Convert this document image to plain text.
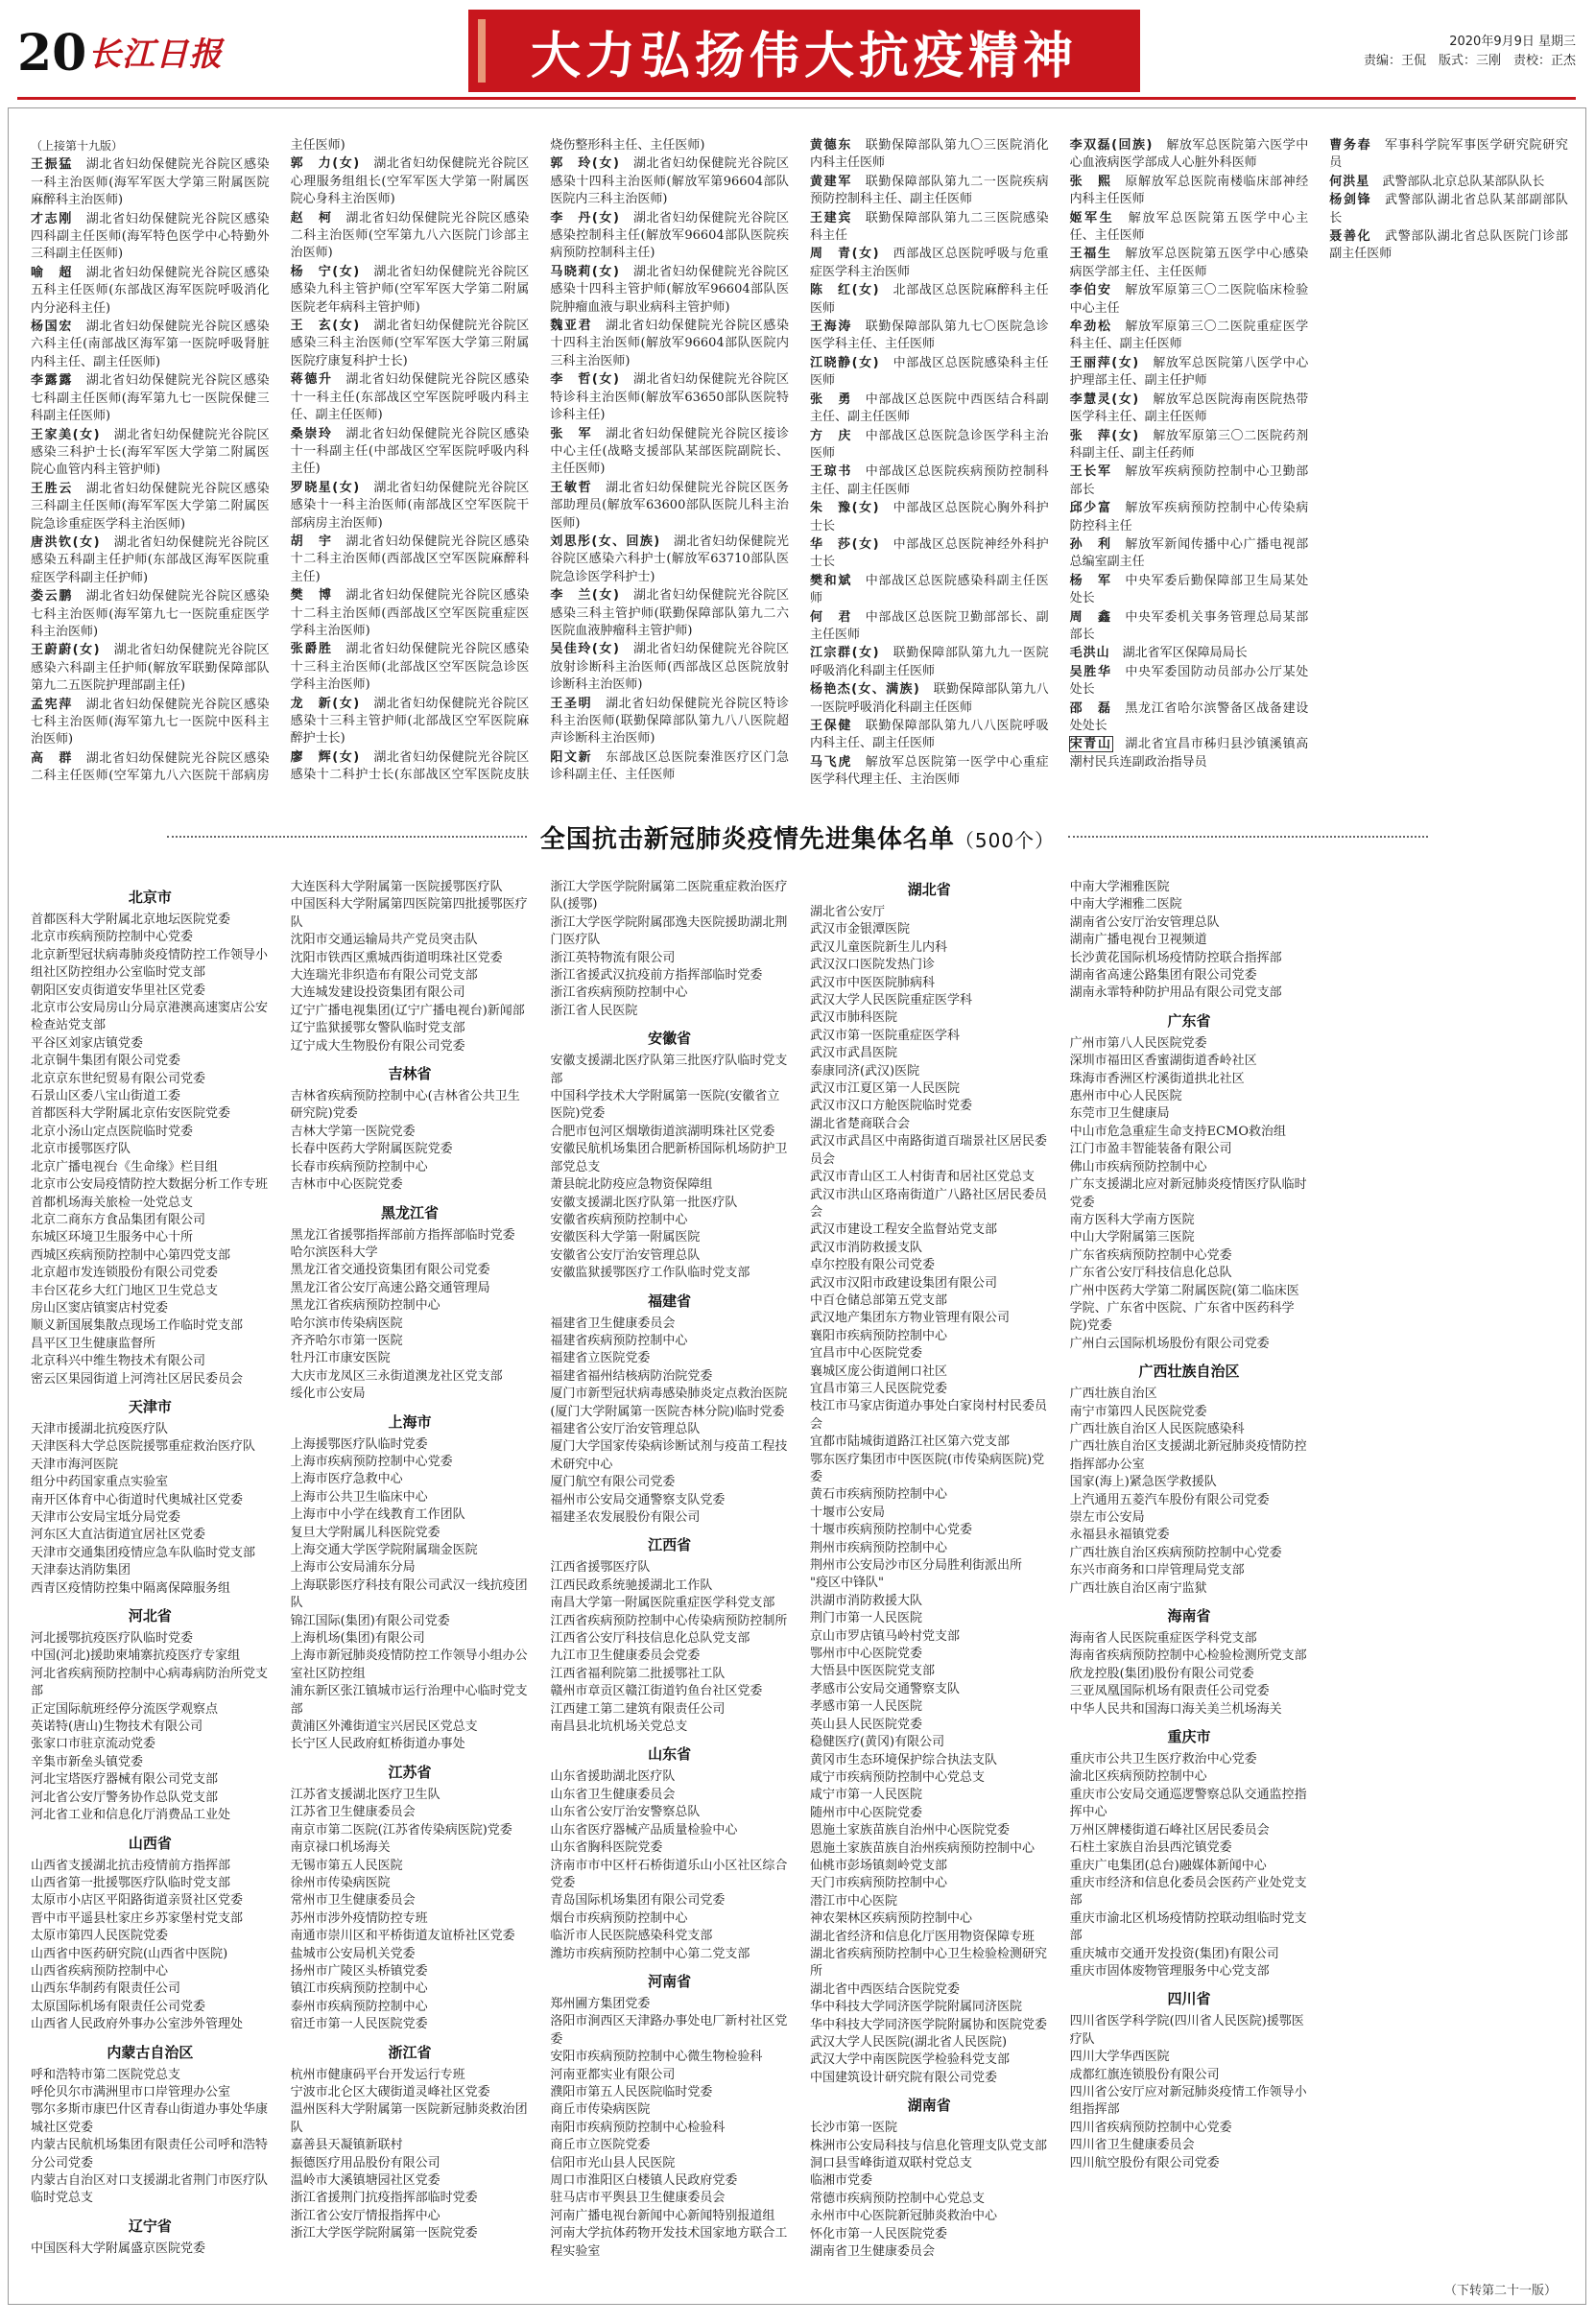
20 长江日报	大力弘扬伟大抗疫精神	2020年9月9日 星期三
责编：王侃　版式：三刚　责校：正杰
（上接第十九版）
王振猛　 湖北省妇幼保健院光谷院区感染一科主治医师(海军军医大学第三附属医院麻醉科主治医师)
才志刚　 湖北省妇幼保健院光谷院区感染四科副主任医师(海军特色医学中心特勤外三科副主任医师)
喻　超　 湖北省妇幼保健院光谷院区感染五科主任医师(东部战区海军医院呼吸消化内分泌科主任)
杨国宏　 湖北省妇幼保健院光谷院区感染六科主任(南部战区海军第一医院呼吸肾脏内科主任、副主任医师)
李露露　 湖北省妇幼保健院光谷院区感染七科副主任医师(海军第九七一医院保健三科副主任医师)
王家美(女)　 湖北省妇幼保健院光谷院区感染三科护士长(海军军医大学第二附属医院心血管内科主管护师)
王胜云　 湖北省妇幼保健院光谷院区感染三科副主任医师(海军军医大学第二附属医院急诊重症医学科主治医师)
唐洪钦(女)　 湖北省妇幼保健院光谷院区感染五科副主任护师(东部战区海军医院重症医学科副主任护师)
娄云鹏　 湖北省妇幼保健院光谷院区感染七科主治医师(海军第九七一医院重症医学科主治医师)
王蔚蔚(女)　 湖北省妇幼保健院光谷院区感染六科副主任护师(解放军联勤保障部队第九二五医院护理部副主任)
孟宪萍　 湖北省妇幼保健院光谷院区感染七科主治医师(海军第九七一医院中医科主治医师)
高　群　 湖北省妇幼保健院光谷院区感染二科主任医师(空军第九八六医院干部病房主任医师)
郭　力(女)　 湖北省妇幼保健院光谷院区心理服务组组长(空军军医大学第一附属医院心身科主治医师)
赵　柯　 湖北省妇幼保健院光谷院区感染二科主治医师(空军第九八六医院门诊部主治医师)
杨　宁(女)　 湖北省妇幼保健院光谷院区感染九科主管护师(空军军医大学第二附属医院老年病科主管护师)
王　玄(女)　 湖北省妇幼保健院光谷院区感染三科主治医师(空军军医大学第三附属医院疗康复科护士长)
蒋德升　 湖北省妇幼保健院光谷院区感染十一科主任(东部战区空军医院呼吸内科主任、副主任医师)
桑崇玲　 湖北省妇幼保健院光谷院区感染十一科副主任(中部战区空军医院呼吸内科主任)
罗晓星(女)　 湖北省妇幼保健院光谷院区感染十一科主治医师(南部战区空军医院干部病房主治医师)
胡　宇　 湖北省妇幼保健院光谷院区感染十二科主治医师(西部战区空军医院麻醉科主任)
樊　博　 湖北省妇幼保健院光谷院区感染十二科主治医师(西部战区空军医院重症医学科主治医师)
张爵胜　 湖北省妇幼保健院光谷院区感染十三科主治医师(北部战区空军医院急诊医学科主治医师)
龙　新(女)　 湖北省妇幼保健院光谷院区感染十三科主管护师(北部战区空军医院麻醉护士长)
廖　辉(女)　 湖北省妇幼保健院光谷院区感染十二科护士长(东部战区空军医院皮肤烧伤整形科主任、主任医师)
郭　玲(女)　 湖北省妇幼保健院光谷院区感染十四科主治医师(解放军第96604部队医院内三科主治医师)
李　丹(女)　 湖北省妇幼保健院光谷院区感染控制科主任(解放军96604部队医院疾病预防控制科主任)
马晓莉(女)　 湖北省妇幼保健院光谷院区感染十四科主管护师(解放军96604部队医院肿瘤血液与职业病科主管护师)
魏亚君　 湖北省妇幼保健院光谷院区感染十四科主治医师(解放军96604部队医院内三科主治医师)
李　哲(女)　 湖北省妇幼保健院光谷院区特诊科主治医师(解放军63650部队医院特诊科主任)
张　军　 湖北省妇幼保健院光谷院区接诊中心主任(战略支援部队某部医院副院长、主任医师)
王敏哲　 湖北省妇幼保健院光谷院区医务部助理员(解放军63600部队医院儿科主治医师)
刘思彤(女、回族)　 湖北省妇幼保健院光谷院区感染六科护士(解放军63710部队医院急诊医学科护士)
李　兰(女)　 湖北省妇幼保健院光谷院区感染三科主管护师(联勤保障部队第九二六医院血液肿瘤科主管护师)
吴佳玲(女)　 湖北省妇幼保健院光谷院区放射诊断科主治医师(西部战区总医院放射诊断科主治医师)
王圣明　 湖北省妇幼保健院光谷院区特诊科主治医师(联勤保障部队第九八八医院超声诊断科主治医师)
阳文新　 东部战区总医院秦淮医疗区门急诊科副主任、主任医师
黄德东　 联勤保障部队第九〇三医院消化内科主任医师
黄建军　 联勤保障部队第九二一医院疾病预防控制科主任、副主任医师
王建宾　 联勤保障部队第九二三医院感染科主任
周　青(女)　 西部战区总医院呼吸与危重症医学科主治医师
陈　红(女)　 北部战区总医院麻醉科主任医师
王海涛　 联勤保障部队第九七〇医院急诊医学科主任、主任医师
江晓静(女)　 中部战区总医院感染科主任医师
张　勇　 中部战区总医院中西医结合科副主任、副主任医师
方　庆　 中部战区总医院急诊医学科主治医师
王琼书　 中部战区总医院疾病预防控制科主任、副主任医师
朱　豫(女)　 中部战区总医院心胸外科护士长
华　莎(女)　 中部战区总医院神经外科护士长
樊和斌　 中部战区总医院感染科副主任医师
何　君　 中部战区总医院卫勤部部长、副主任医师
江宗群(女)　 联勤保障部队第九九一医院呼吸消化科副主任医师
杨艳杰(女、满族)　 联勤保障部队第九八一医院呼吸消化科副主任医师
王保健　 联勤保障部队第九八八医院呼吸内科主任、副主任医师
马飞虎　 解放军总医院第一医学中心重症医学科代理主任、主治医师
李双磊(回族)　 解放军总医院第六医学中心血液病医学部成人心脏外科医师
张　熙　 原解放军总医院南楼临床部神经内科主任医师
姬军生　 解放军总医院第五医学中心主任、主任医师
王福生　 解放军总医院第五医学中心感染病医学部主任、主任医师
李伯安　 解放军原第三〇二医院临床检验中心主任
牟劲松　 解放军原第三〇二医院重症医学科主任、副主任医师
王丽萍(女)　 解放军总医院第八医学中心护理部主任、副主任护师
李慧灵(女)　 解放军总医院海南医院热带医学科主任、副主任医师
张　萍(女)　 解放军原第三〇二医院药剂科副主任、副主任药师
王长军　 解放军疾病预防控制中心卫勤部部长
邱少富　 解放军疾病预防控制中心传染病防控科主任
孙　利　 解放军新闻传播中心广播电视部总编室副主任
杨　军　 中央军委后勤保障部卫生局某处处长
周　鑫　 中央军委机关事务管理总局某部部长
毛洪山　 湖北省军区保障局局长
吴胜华　 中央军委国防动员部办公厅某处处长
邵　磊　 黑龙江省哈尔滨警备区战备建设处处长
宋青山　 湖北省宜昌市秭归县沙镇溪镇高潮村民兵连副政治指导员
曹务春　 军事科学院军事医学研究院研究员
何洪星　 武警部队北京总队某部队队长
杨剑锋　 武警部队湖北省总队某部副部队长
聂善化　 武警部队湖北省总队医院门诊部副主任医师
全国抗击新冠肺炎疫情先进集体名单（500个）
北京市
首都医科大学附属北京地坛医院党委
北京市疾病预防控制中心党委
北京新型冠状病毒肺炎疫情防控工作领导小组社区防控组办公室临时党支部
朝阳区安贞街道安华里社区党委
北京市公安局房山分局京港澳高速窦店公安检查站党支部
平谷区刘家店镇党委
北京铜牛集团有限公司党委
北京京东世纪贸易有限公司党委
石景山区委八宝山街道工委
首都医科大学附属北京佑安医院党委
北京小汤山定点医院临时党委
北京市援鄂医疗队
北京广播电视台《生命缘》栏目组
北京市公安局疫情防控大数据分析工作专班
首都机场海关旅检一处党总支
北京二商东方食品集团有限公司
东城区环境卫生服务中心十所
西城区疾病预防控制中心第四党支部
北京超市发连锁股份有限公司党委
丰台区花乡大红门地区卫生党总支
房山区窦店镇窦店村党委
顺义新国展集散点现场工作临时党支部
昌平区卫生健康监督所
北京科兴中维生物技术有限公司
密云区果园街道上河湾社区居民委员会
天津市
天津市援湖北抗疫医疗队
天津医科大学总医院援鄂重症救治医疗队
天津市海河医院
组分中药国家重点实验室
南开区体育中心街道时代奥城社区党委
天津市公安局宝坻分局党委
河东区大直沽街道宜居社区党委
天津市交通集团疫情应急车队临时党支部
天津泰达消防集团
西青区疫情防控集中隔离保障服务组
河北省
河北援鄂抗疫医疗队临时党委
中国(河北)援助柬埔寨抗疫医疗专家组
河北省疾病预防控制中心病毒病防治所党支部
正定国际航班经停分流医学观察点
英诺特(唐山)生物技术有限公司
张家口市驻京流动党委
辛集市新垒头镇党委
河北宝塔医疗器械有限公司党支部
河北省公安厅警务协作总队党支部
河北省工业和信息化厅消费品工业处
山西省
山西省支援湖北抗击疫情前方指挥部
山西省第一批援鄂医疗队临时党支部
太原市小店区平阳路街道亲贤社区党委
晋中市平遥县杜家庄乡苏家堡村党支部
太原市第四人民医院党委
山西省中医药研究院(山西省中医院)
山西省疾病预防控制中心
山西东华制药有限责任公司
太原国际机场有限责任公司党委
山西省人民政府外事办公室涉外管理处
内蒙古自治区
呼和浩特市第二医院党总支
呼伦贝尔市满洲里市口岸管理办公室
鄂尔多斯市康巴什区青春山街道办事处华康城社区党委
内蒙古民航机场集团有限责任公司呼和浩特分公司党委
内蒙古自治区对口支援湖北省荆门市医疗队临时党总支
辽宁省
中国医科大学附属盛京医院党委
大连医科大学附属第一医院援鄂医疗队
中国医科大学附属第四医院第四批援鄂医疗队
沈阳市交通运输局共产党员突击队
沈阳市铁西区熏城西街道明珠社区党委
大连瑞光非织造布有限公司党支部
大连城发建设投资集团有限公司
辽宁广播电视集团(辽宁广播电视台)新闻部
辽宁监狱援鄂女警队临时党支部
辽宁成大生物股份有限公司党委
吉林省
吉林省疾病预防控制中心(吉林省公共卫生研究院)党委
吉林大学第一医院党委
长春中医药大学附属医院党委
长春市疾病预防控制中心
吉林市中心医院党委
黑龙江省
黑龙江省援鄂指挥部前方指挥部临时党委
哈尔滨医科大学
黑龙江省交通投资集团有限公司党委
黑龙江省公安厅高速公路交通管理局
黑龙江省疾病预防控制中心
哈尔滨市传染病医院
齐齐哈尔市第一医院
牡丹江市康安医院
大庆市龙凤区三永街道澳龙社区党支部
绥化市公安局
上海市
上海援鄂医疗队临时党委
上海市疾病预防控制中心党委
上海市医疗急救中心
上海市公共卫生临床中心
上海市中小学在线教育工作团队
复旦大学附属儿科医院党委
上海交通大学医学院附属瑞金医院
上海市公安局浦东分局
上海联影医疗科技有限公司武汉一线抗疫团队
锦江国际(集团)有限公司党委
上海机场(集团)有限公司
上海市新冠肺炎疫情防控工作领导小组办公室社区防控组
浦东新区张江镇城市运行治理中心临时党支部
黄浦区外滩街道宝兴居民区党总支
长宁区人民政府虹桥街道办事处
江苏省
江苏省支援湖北医疗卫生队
江苏省卫生健康委员会
南京市第二医院(江苏省传染病医院)党委
南京禄口机场海关
无锡市第五人民医院
徐州市传染病医院
常州市卫生健康委员会
苏州市涉外疫情防控专班
南通市崇川区和平桥街道友谊桥社区党委
盐城市公安局机关党委
扬州市广陵区头桥镇党委
镇江市疾病预防控制中心
泰州市疾病预防控制中心
宿迁市第一人民医院党委
浙江省
杭州市健康码平台开发运行专班
宁波市北仑区大碶街道灵峰社区党委
温州医科大学附属第一医院新冠肺炎救治团队
嘉善县天凝镇新联村
振德医疗用品股份有限公司
温岭市大溪镇塘园社区党委
浙江省援荆门抗疫指挥部临时党委
浙江省公安厅情报指挥中心
浙江大学医学院附属第一医院党委
浙江大学医学院附属第二医院重症救治医疗队(援鄂)
浙江大学医学院附属邵逸夫医院援助湖北荆门医疗队
浙江英特物流有限公司
浙江省援武汉抗疫前方指挥部临时党委
浙江省疾病预防控制中心
浙江省人民医院
安徽省
安徽支援湖北医疗队第三批医疗队临时党支部
中国科学技术大学附属第一医院(安徽省立医院)党委
合肥市包河区烟墩街道滨湖明珠社区党委
安徽民航机场集团合肥新桥国际机场防护卫部党总支
萧县皖北防疫应急物资保障组
安徽支援湖北医疗队第一批医疗队
安徽省疾病预防控制中心
安徽医科大学第一附属医院
安徽省公安厅治安管理总队
安徽监狱援鄂医疗工作队临时党支部
福建省
福建省卫生健康委员会
福建省疾病预防控制中心
福建省立医院党委
福建省福州结核病防治院党委
厦门市新型冠状病毒感染肺炎定点救治医院(厦门大学附属第一医院杏林分院)临时党委
福建省公安厅治安管理总队
厦门大学国家传染病诊断试剂与疫苗工程技术研究中心
厦门航空有限公司党委
福州市公安局交通警察支队党委
福建圣农发展股份有限公司
江西省
江西省援鄂医疗队
江西民政系统驰援湖北工作队
南昌大学第一附属医院重症医学科党支部
江西省疾病预防控制中心传染病预防控制所
江西省公安厅科技信息化总队党支部
九江市卫生健康委员会党委
江西省福利院第二批援鄂社工队
赣州市章贡区赣江街道钓鱼台社区党委
江西建工第二建筑有限责任公司
南昌县北坑机场关党总支
山东省
山东省援助湖北医疗队
山东省卫生健康委员会
山东省公安厅治安警察总队
山东省医疗器械产品质量检验中心
山东省胸科医院党委
济南市市中区杆石桥街道乐山小区社区综合党委
青岛国际机场集团有限公司党委
烟台市疾病预防控制中心
临沂市人民医院感染科党支部
潍坊市疾病预防控制中心第二党支部
河南省
郑州圃方集团党委
洛阳市涧西区天津路办事处电厂新村社区党委
安阳市疾病预防控制中心微生物检验科
河南亚都实业有限公司
濮阳市第五人民医院临时党委
商丘市传染病医院
南阳市疾病预防控制中心检验科
商丘市立医院党委
信阳市光山县人民医院
周口市淮阳区白楼镇人民政府党委
驻马店市平舆县卫生健康委员会
河南广播电视台新闻中心新闻特别报道组
河南大学抗体药物开发技术国家地方联合工程实验室
湖北省
湖北省公安厅
武汉市金银潭医院
武汉儿童医院新生儿内科
武汉汉口医院发热门诊
武汉市中医医院肺病科
武汉大学人民医院重症医学科
武汉市肺科医院
武汉市第一医院重症医学科
武汉市武昌医院
泰康同济(武汉)医院
武汉市江夏区第一人民医院
武汉市汉口方舱医院临时党委
湖北省楚商联合会
武汉市武昌区中南路街道百瑞景社区居民委员会
武汉市青山区工人村街青和居社区党总支
武汉市洪山区珞南街道广八路社区居民委员会
武汉市建设工程安全监督站党支部
武汉市消防救援支队
卓尔控股有限公司党委
武汉市汉阳市政建设集团有限公司
中百仓储总部第五党支部
武汉地产集团东方物业管理有限公司
襄阳市疾病预防控制中心
宜昌市中心医院党委
襄城区庞公街道闸口社区
宜昌市第三人民医院党委
枝江市马家店街道办事处白家岗村村民委员会
宜都市陆城街道路江社区第六党支部
鄂东医疗集团市中医医院(市传染病医院)党委
黄石市疾病预防控制中心
十堰市公安局
十堰市疾病预防控制中心党委
荆州市疾病预防控制中心
荆州市公安局沙市区分局胜利街派出所
"疫区中锋队"
洪湖市消防救援大队
荆门市第一人民医院
京山市罗店镇马岭村党支部
鄂州市中心医院党委
大悟县中医医院党支部
孝感市公安局交通警察支队
孝感市第一人民医院
英山县人民医院党委
稳健医疗(黄冈)有限公司
黄冈市生态环境保护综合执法支队
咸宁市疾病预防控制中心党总支
咸宁市第一人民医院
随州市中心医院党委
恩施土家族苗族自治州中心医院党委
恩施土家族苗族自治州疾病预防控制中心
仙桃市彭场镇剡岭党支部
天门市疾病预防控制中心
潜江市中心医院
神农架林区疾病预防控制中心
湖北省经济和信息化厅医用物资保障专班
湖北省疾病预防控制中心卫生检验检测研究所
湖北省中西医结合医院党委
华中科技大学同济医学院附属同济医院
华中科技大学同济医学院附属协和医院党委
武汉大学人民医院(湖北省人民医院)
武汉大学中南医院医学检验科党支部
中国建筑设计研究院有限公司党委
湖南省
长沙市第一医院
株洲市公安局科技与信息化管理支队党支部
洞口县雪峰街道双联村党总支
临湘市党委
常德市疾病预防控制中心党总支
永州市中心医院新冠肺炎救治中心
怀化市第一人民医院党委
湖南省卫生健康委员会
中南大学湘雅医院
中南大学湘雅二医院
湖南省公安厅治安管理总队
湖南广播电视台卫视频道
长沙黄花国际机场疫情防控联合指挥部
湖南省高速公路集团有限公司党委
湖南永霏特种防护用品有限公司党支部
广东省
广州市第八人民医院党委
深圳市福田区香蜜湖街道香岭社区
珠海市香洲区柠溪街道拱北社区
惠州市中心人民医院
东莞市卫生健康局
中山市危急重症生命支持ECMO救治组
江门市盈丰智能装备有限公司
佛山市疾病预防控制中心
广东支援湖北应对新冠肺炎疫情医疗队临时党委
南方医科大学南方医院
中山大学附属第三医院
广东省疾病预防控制中心党委
广东省公安厅科技信息化总队
广州中医药大学第二附属医院(第二临床医学院、广东省中医院、广东省中医药科学院)党委
广州白云国际机场股份有限公司党委
广西壮族自治区
广西壮族自治区
南宁市第四人民医院党委
广西壮族自治区人民医院感染科
广西壮族自治区支援湖北新冠肺炎疫情防控指挥部办公室
国家(海上)紧急医学救援队
上汽通用五菱汽车股份有限公司党委
崇左市公安局
永福县永福镇党委
广西壮族自治区疾病预防控制中心党委
东兴市商务和口岸管理局党支部
广西壮族自治区南宁监狱
海南省
海南省人民医院重症医学科党支部
海南省疾病预防控制中心检验检测所党支部
欣龙控股(集团)股份有限公司党委
三亚凤凰国际机场有限责任公司党委
中华人民共和国海口海关美兰机场海关
重庆市
重庆市公共卫生医疗救治中心党委
渝北区疾病预防控制中心
重庆市公安局交通巡逻警察总队交通监控指挥中心
万州区牌楼街道石峰社区居民委员会
石柱土家族自治县西沱镇党委
重庆广电集团(总台)融媒体新闻中心
重庆市经济和信息化委员会医药产业处党支部
重庆市渝北区机场疫情防控联动组临时党支部
重庆城市交通开发投资(集团)有限公司
重庆市固体废物管理服务中心党支部
四川省
四川省医学科学院(四川省人民医院)援鄂医疗队
四川大学华西医院
成都红旗连锁股份有限公司
四川省公安厅应对新冠肺炎疫情工作领导小组指挥部
四川省疾病预防控制中心党委
四川省卫生健康委员会
四川航空股份有限公司党委
（下转第二十一版）
